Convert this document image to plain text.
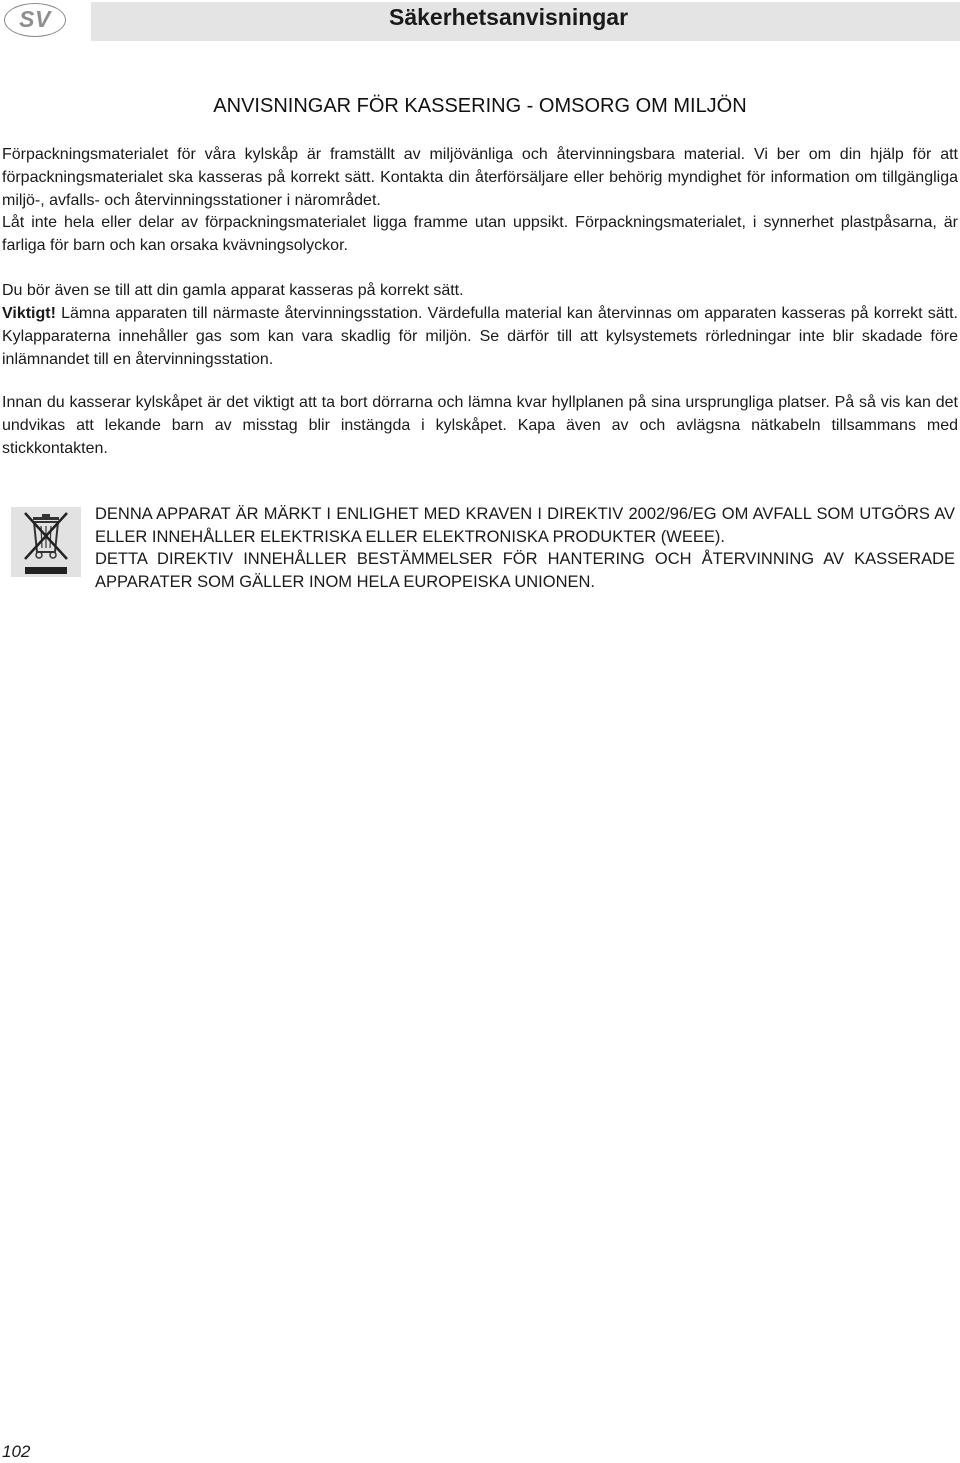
SV	Säkerhetsanvisningar
ANVISNINGAR FÖR KASSERING - OMSORG OM MILJÖN

Förpackningsmaterialet för våra kylskåp är framställt av miljövänliga och återvinningsbara material. Vi ber om din hjälp för att förpackningsmaterialet ska kasseras på korrekt sätt. Kontakta din återförsäljare eller behörig myndighet för information om tillgängliga miljö-, avfalls- och återvinningsstationer i närområdet.

Låt inte hela eller delar av förpackningsmaterialet ligga framme utan uppsikt. Förpackningsmaterialet, i synnerhet plastpåsarna, är farliga för barn och kan orsaka kvävningsolyckor.

Du bör även se till att din gamla apparat kasseras på korrekt sätt.

Viktigt! Lämna apparaten till närmaste återvinningsstation. Värdefulla material kan återvinnas om apparaten kasseras på korrekt sätt. Kylapparaterna innehåller gas som kan vara skadlig för miljön. Se därför till att kylsystemets rörledningar inte blir skadade före inlämnandet till en återvinningsstation.

Innan du kasserar kylskåpet är det viktigt att ta bort dörrarna och lämna kvar hyllplanen på sina ursprungliga platser. På så vis kan det undvikas att lekande barn av misstag blir instängda i kylskåpet. Kapa även av och avlägsna nätkabeln tillsammans med stickkontakten.

DENNA APPARAT ÄR MÄRKT I ENLIGHET MED KRAVEN I DIREKTIV 2002/96/EG OM AVFALL SOM UTGÖRS AV ELLER INNEHÅLLER ELEKTRISKA ELLER ELEKTRONISKA PRODUKTER (WEEE).

DETTA DIREKTIV INNEHÅLLER BESTÄMMELSER FÖR HANTERING OCH ÅTERVINNING AV KASSERADE APPARATER SOM GÄLLER INOM HELA EUROPEISKA UNIONEN.

102
